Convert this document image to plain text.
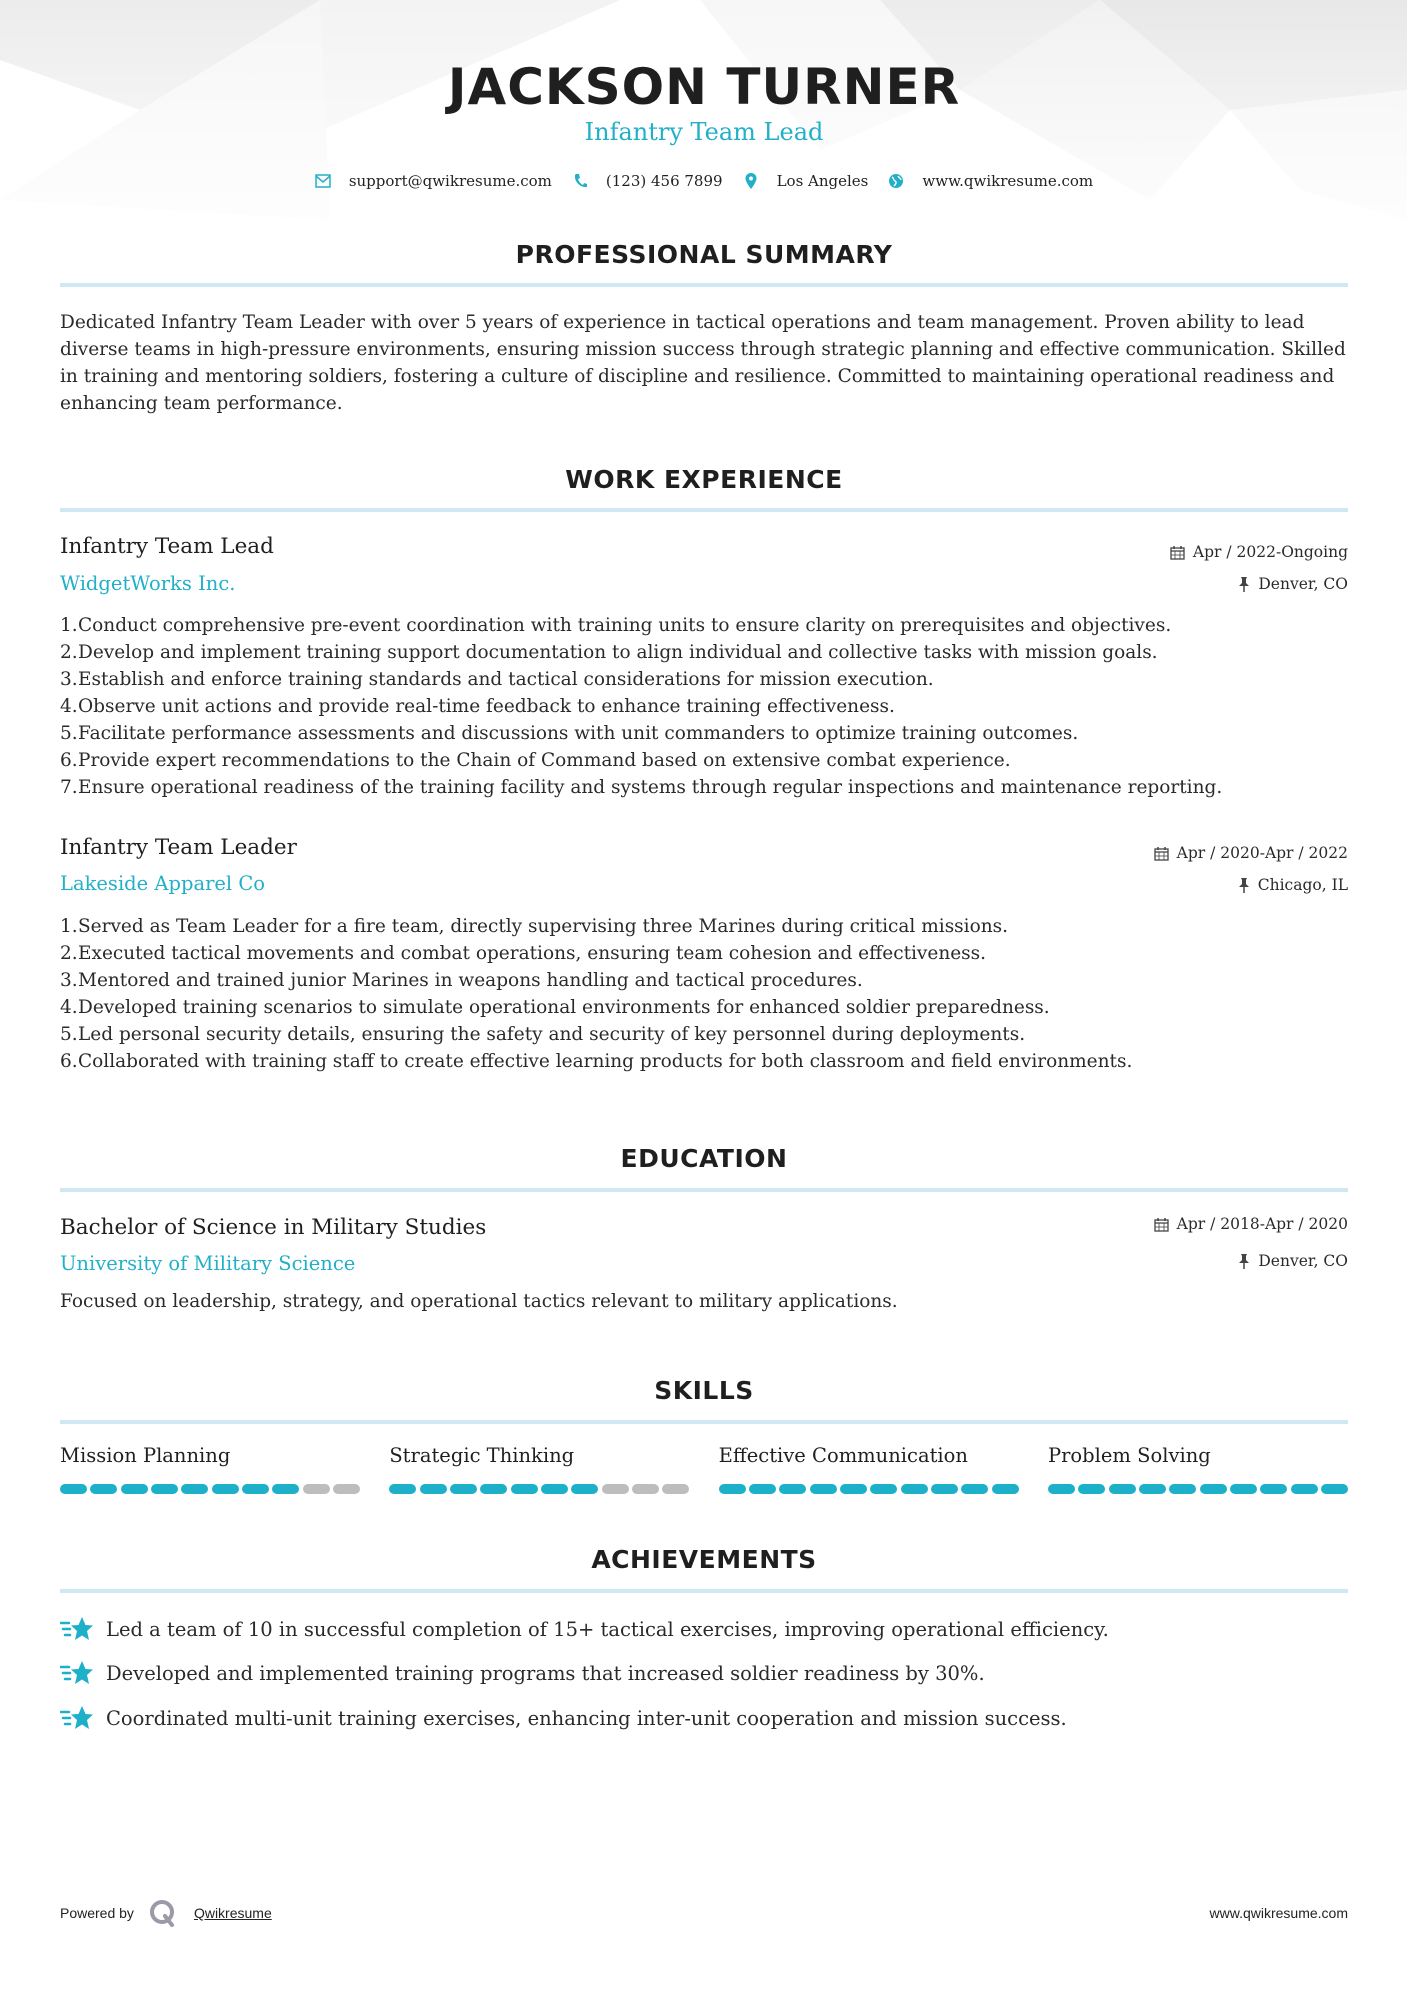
JACKSON TURNER
Infantry Team Lead
support@qwikresume.com	(123) 456 7899	Los Angeles	www.qwikresume.com
PROFESSIONAL SUMMARY
Dedicated Infantry Team Leader with over 5 years of experience in tactical operations and team management. Proven ability to lead diverse teams in high-pressure environments, ensuring mission success through strategic planning and effective communication. Skilled in training and mentoring soldiers, fostering a culture of discipline and resilience. Committed to maintaining operational readiness and enhancing team performance.
WORK EXPERIENCE
Infantry Team Lead
WidgetWorks Inc.
Apr / 2022-Ongoing
Denver, CO
1. Conduct comprehensive pre-event coordination with training units to ensure clarity on prerequisites and objectives.
2. Develop and implement training support documentation to align individual and collective tasks with mission goals.
3. Establish and enforce training standards and tactical considerations for mission execution.
4. Observe unit actions and provide real-time feedback to enhance training effectiveness.
5. Facilitate performance assessments and discussions with unit commanders to optimize training outcomes.
6. Provide expert recommendations to the Chain of Command based on extensive combat experience.
7. Ensure operational readiness of the training facility and systems through regular inspections and maintenance reporting.
Infantry Team Leader
Lakeside Apparel Co
Apr / 2020-Apr / 2022
Chicago, IL
1. Served as Team Leader for a fire team, directly supervising three Marines during critical missions.
2. Executed tactical movements and combat operations, ensuring team cohesion and effectiveness.
3. Mentored and trained junior Marines in weapons handling and tactical procedures.
4. Developed training scenarios to simulate operational environments for enhanced soldier preparedness.
5. Led personal security details, ensuring the safety and security of key personnel during deployments.
6. Collaborated with training staff to create effective learning products for both classroom and field environments.
EDUCATION
Bachelor of Science in Military Studies
University of Military Science
Apr / 2018-Apr / 2020
Denver, CO
Focused on leadership, strategy, and operational tactics relevant to military applications.
SKILLS
Mission Planning	Strategic Thinking	Effective Communication	Problem Solving
ACHIEVEMENTS
Led a team of 10 in successful completion of 15+ tactical exercises, improving operational efficiency.
Developed and implemented training programs that increased soldier readiness by 30%.
Coordinated multi-unit training exercises, enhancing inter-unit cooperation and mission success.
Powered by	Qwikresume	www.qwikresume.com
